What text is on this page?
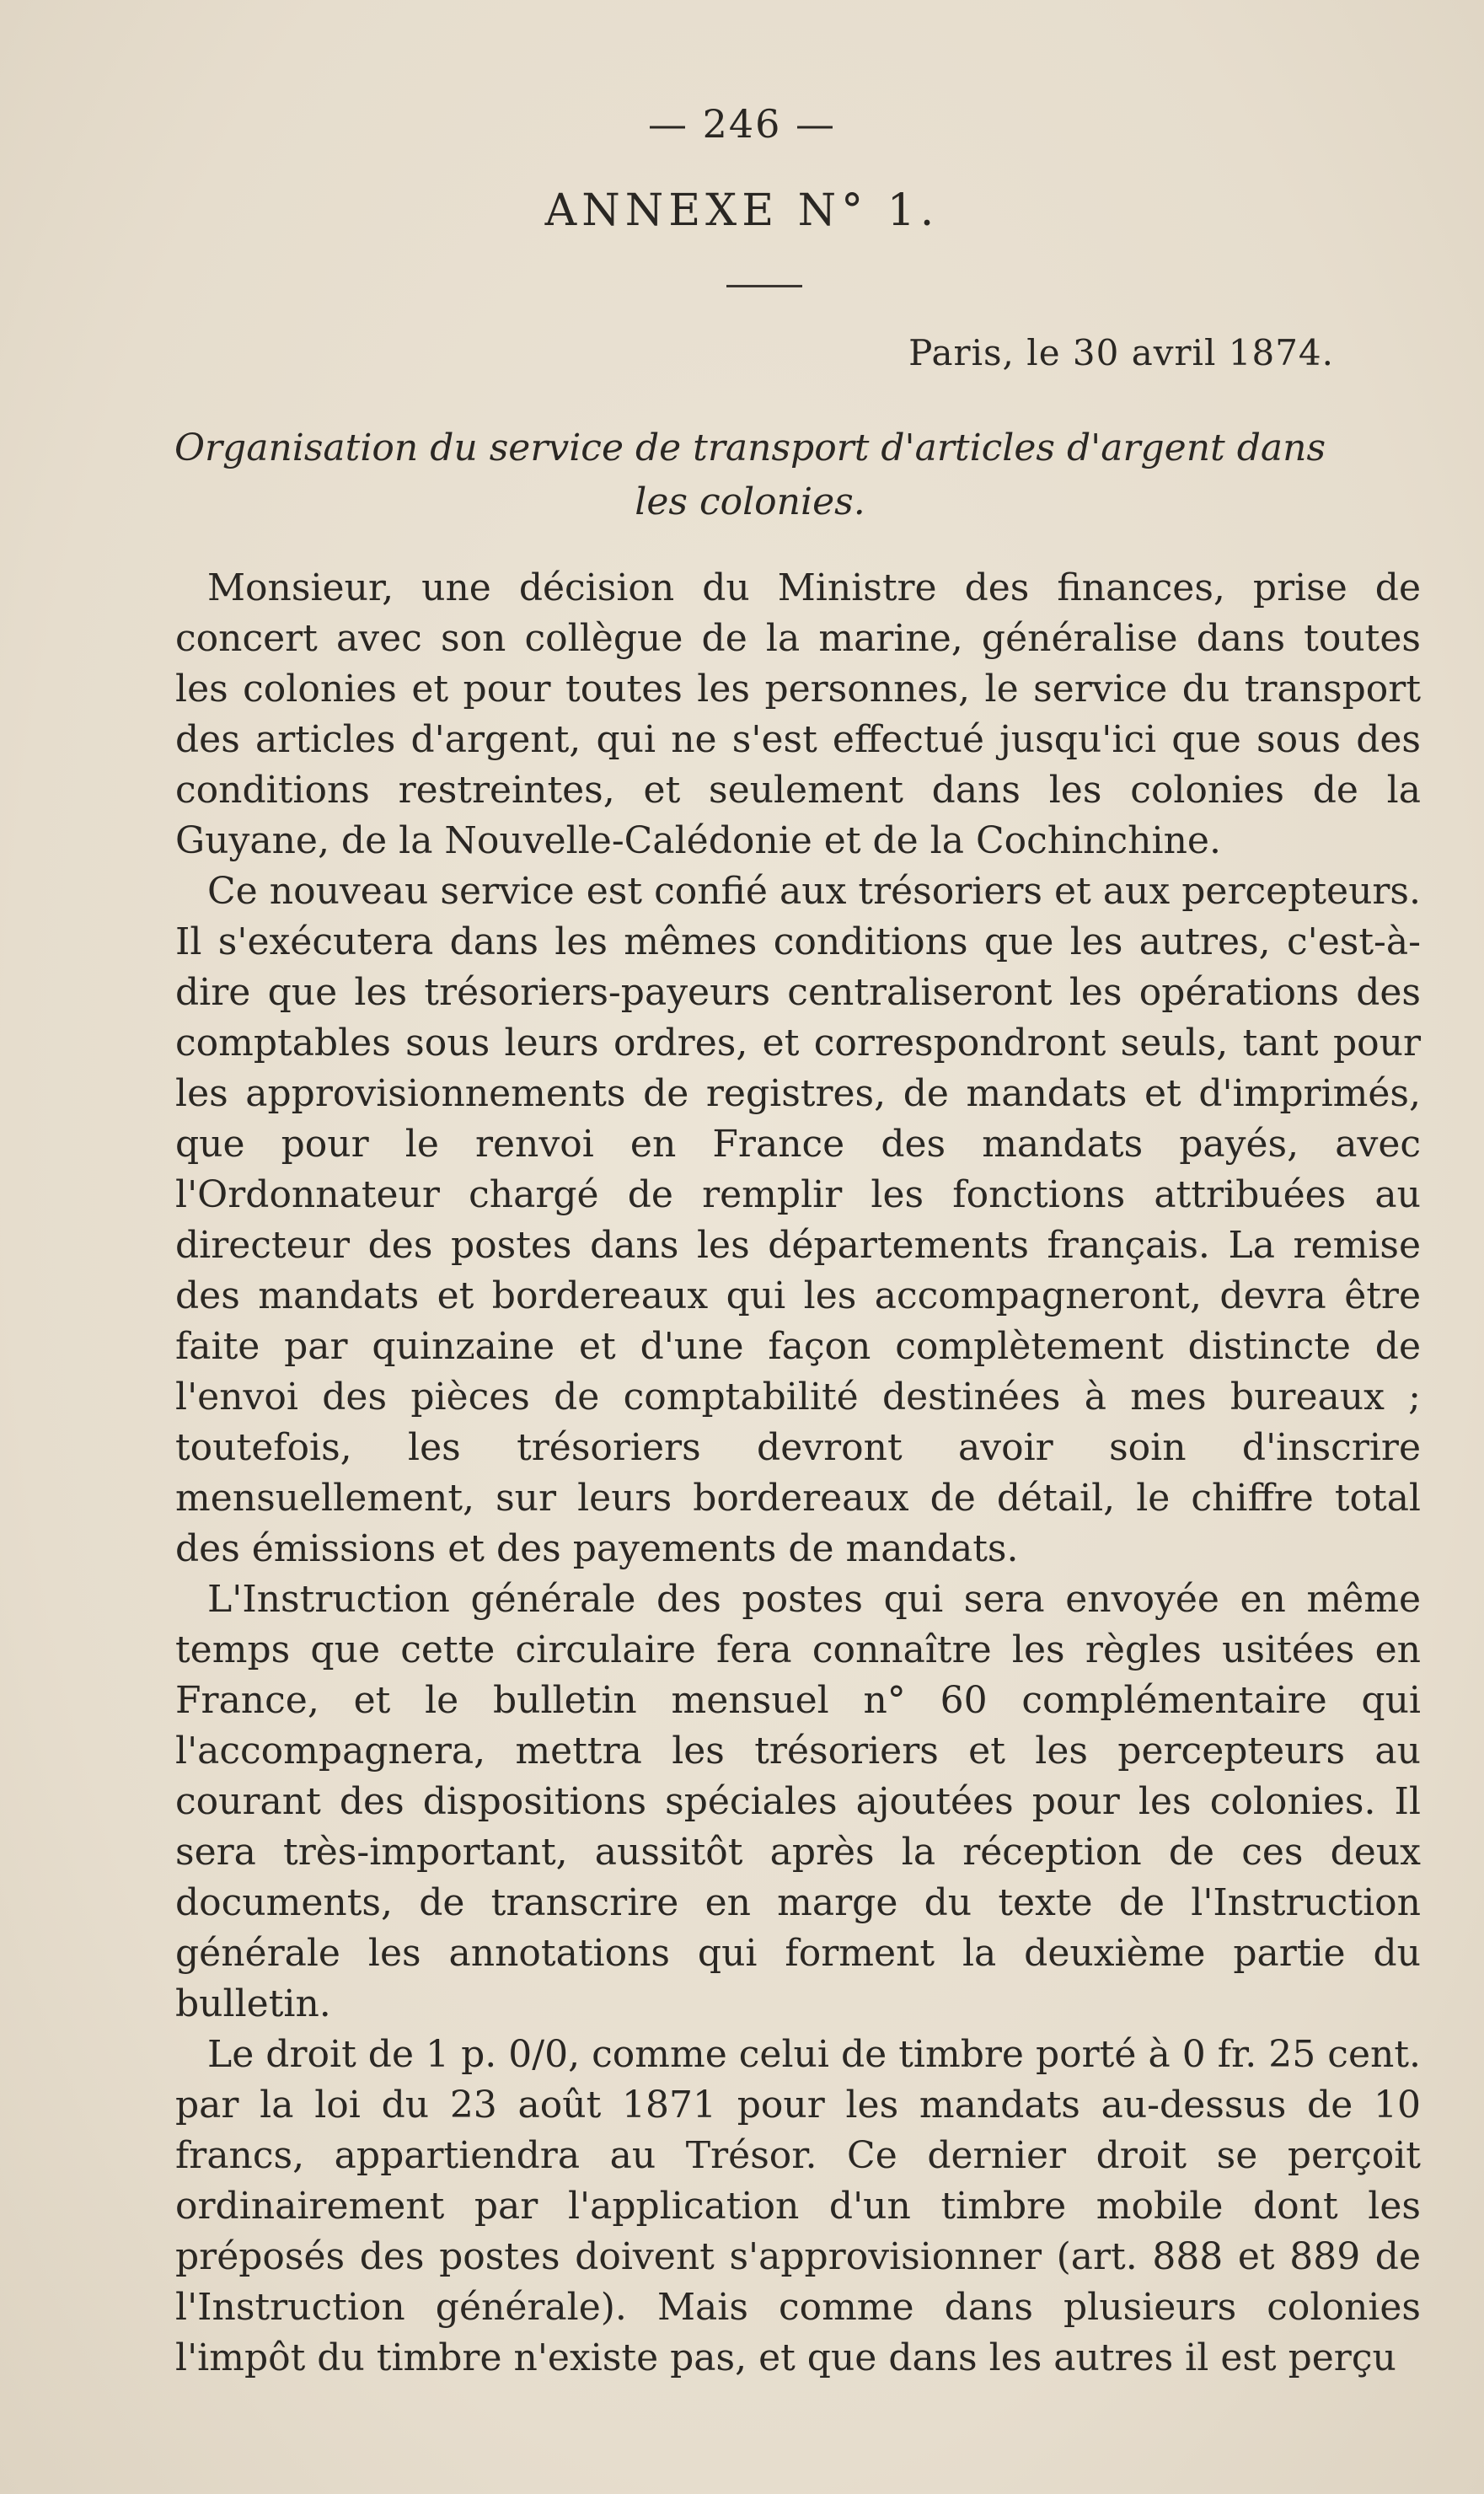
— 246 —
ANNEXE N° 1.
Paris, le 30 avril 1874.
Organisation du service de transport d'articles d'argent dans les colonies.

Monsieur, une décision du Ministre des finances, prise de concert avec son collègue de la marine, généralise dans toutes les colonies et pour toutes les personnes, le service du transport des articles d'argent, qui ne s'est effectué jusqu'ici que sous des conditions restreintes, et seulement dans les colonies de la Guyane, de la Nouvelle-Calédonie et de la Cochinchine.

Ce nouveau service est confié aux trésoriers et aux percepteurs. Il s'exécutera dans les mêmes conditions que les autres, c'est-à-dire que les trésoriers-payeurs centraliseront les opérations des comptables sous leurs ordres, et correspondront seuls, tant pour les approvisionnements de registres, de mandats et d'imprimés, que pour le renvoi en France des mandats payés, avec l'Ordonnateur chargé de remplir les fonctions attribuées au directeur des postes dans les départements français. La remise des mandats et bordereaux qui les accompagneront, devra être faite par quinzaine et d'une façon complètement distincte de l'envoi des pièces de comptabilité destinées à mes bureaux ; toutefois, les trésoriers devront avoir soin d'inscrire mensuellement, sur leurs bordereaux de détail, le chiffre total des émissions et des payements de mandats.

L'Instruction générale des postes qui sera envoyée en même temps que cette circulaire fera connaître les règles usitées en France, et le bulletin mensuel n° 60 complémentaire qui l'accompagnera, mettra les trésoriers et les percepteurs au courant des dispositions spéciales ajoutées pour les colonies. Il sera très-important, aussitôt après la réception de ces deux documents, de transcrire en marge du texte de l'Instruction générale les annotations qui forment la deuxième partie du bulletin.

Le droit de 1 p. 0/0, comme celui de timbre porté à 0 fr. 25 cent. par la loi du 23 août 1871 pour les mandats au-dessus de 10 francs, appartiendra au Trésor. Ce dernier droit se perçoit ordinairement par l'application d'un timbre mobile dont les préposés des postes doivent s'approvisionner (art. 888 et 889 de l'Instruction générale). Mais comme dans plusieurs colonies l'impôt du timbre n'existe pas, et que dans les autres il est perçu
